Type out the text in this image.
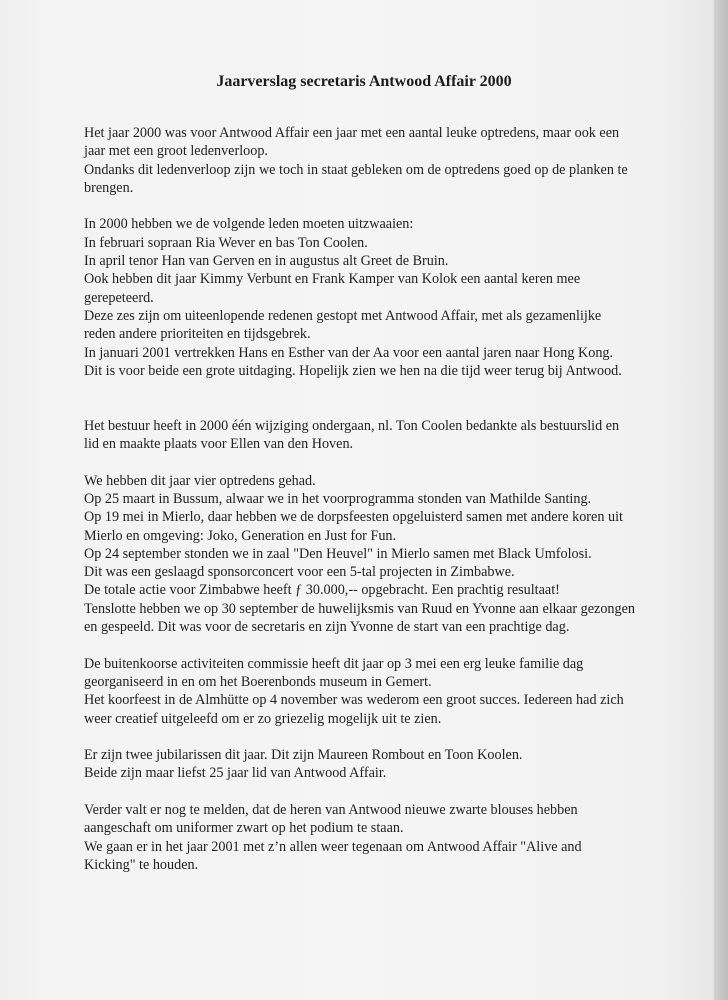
Jaarverslag secretaris Antwood Affair 2000

Het jaar 2000 was voor Antwood Affair een jaar met een aantal leuke optredens, maar ook een
jaar met een groot ledenverloop.
Ondanks dit ledenverloop zijn we toch in staat gebleken om de optredens goed op de planken te
brengen.

In 2000 hebben we de volgende leden moeten uitzwaaien:
In februari sopraan Ria Wever en bas Ton Coolen.
In april tenor Han van Gerven en in augustus alt Greet de Bruin.
Ook hebben dit jaar Kimmy Verbunt en Frank Kamper van Kolok een aantal keren mee
gerepeteerd.
Deze zes zijn om uiteenlopende redenen gestopt met Antwood Affair, met als gezamenlijke
reden andere prioriteiten en tijdsgebrek.
In januari 2001 vertrekken Hans en Esther van der Aa voor een aantal jaren naar Hong Kong.
Dit is voor beide een grote uitdaging. Hopelijk zien we hen na die tijd weer terug bij Antwood.

Het bestuur heeft in 2000 één wijziging ondergaan, nl. Ton Coolen bedankte als bestuurslid en
lid en maakte plaats voor Ellen van den Hoven.

We hebben dit jaar vier optredens gehad.
Op 25 maart in Bussum, alwaar we in het voorprogramma stonden van Mathilde Santing.
Op 19 mei in Mierlo, daar hebben we de dorpsfeesten opgeluisterd samen met andere koren uit
Mierlo en omgeving: Joko, Generation en Just for Fun.
Op 24 september stonden we in zaal "Den Heuvel" in Mierlo samen met Black Umfolosi.
Dit was een geslaagd sponsorconcert voor een 5-tal projecten in Zimbabwe.
De totale actie voor Zimbabwe heeft ƒ 30.000,-- opgebracht. Een prachtig resultaat!
Tenslotte hebben we op 30 september de huwelijksmis van Ruud en Yvonne aan elkaar gezongen
en gespeeld. Dit was voor de secretaris en zijn Yvonne de start van een prachtige dag.

De buitenkoorse activiteiten commissie heeft dit jaar op 3 mei een erg leuke familie dag
georganiseerd in en om het Boerenbonds museum in Gemert.
Het koorfeest in de Almhütte op 4 november was wederom een groot succes. Iedereen had zich
weer creatief uitgeleefd om er zo griezelig mogelijk uit te zien.

Er zijn twee jubilarissen dit jaar. Dit zijn Maureen Rombout en Toon Koolen.
Beide zijn maar liefst 25 jaar lid van Antwood Affair.

Verder valt er nog te melden, dat de heren van Antwood nieuwe zwarte blouses hebben
aangeschaft om uniformer zwart op het podium te staan.
We gaan er in het jaar 2001 met z’n allen weer tegenaan om Antwood Affair "Alive and
Kicking" te houden.
